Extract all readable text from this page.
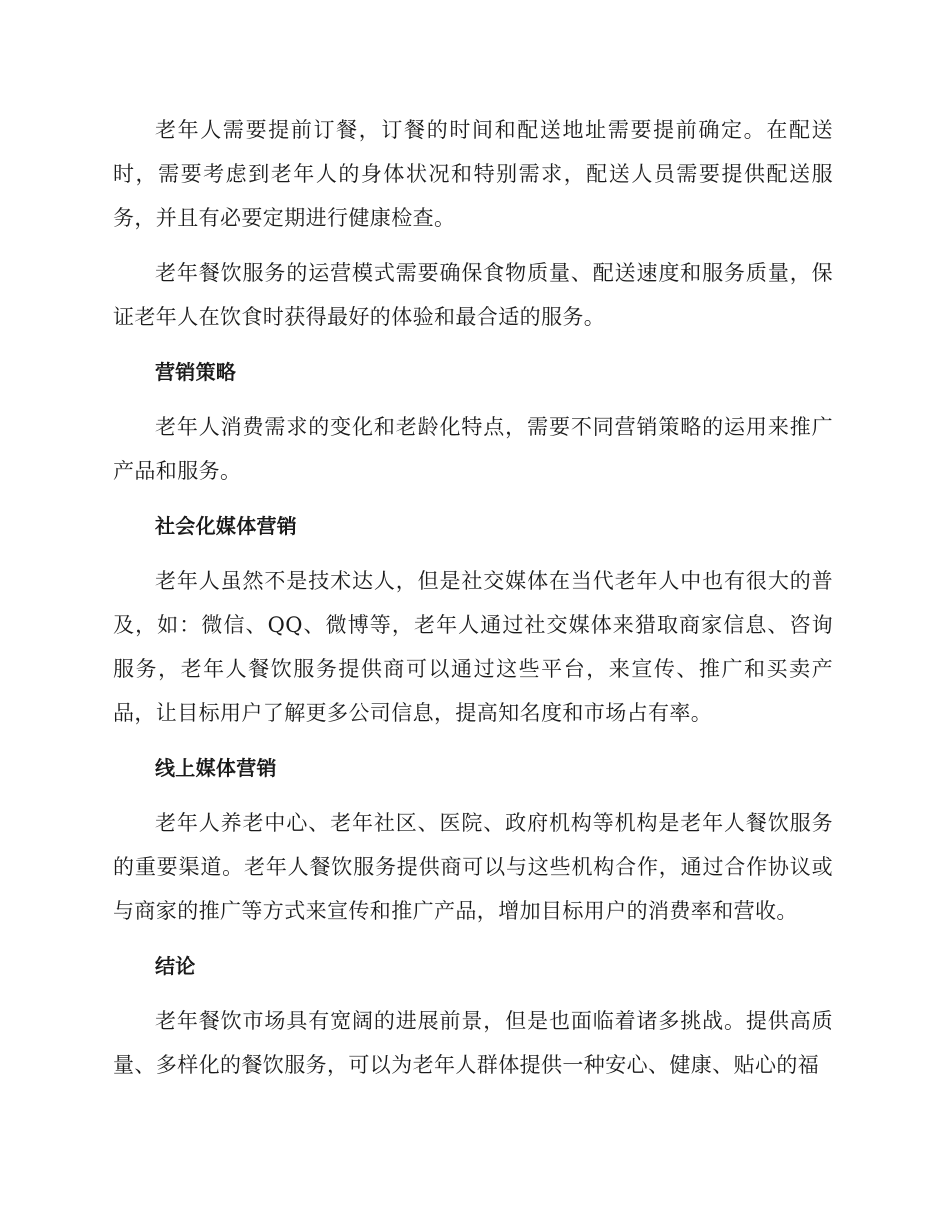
老年人需要提前订餐，订餐的时间和配送地址需要提前确定。在配送时，需要考虑到老年人的身体状况和特别需求，配送人员需要提供配送服务，并且有必要定期进行健康检查。

老年餐饮服务的运营模式需要确保食物质量、配送速度和服务质量，保证老年人在饮食时获得最好的体验和最合适的服务。

营销策略

老年人消费需求的变化和老龄化特点，需要不同营销策略的运用来推广产品和服务。

社会化媒体营销

老年人虽然不是技术达人，但是社交媒体在当代老年人中也有很大的普及，如：微信、QQ、微博等，老年人通过社交媒体来猎取商家信息、咨询服务，老年人餐饮服务提供商可以通过这些平台，来宣传、推广和买卖产品，让目标用户了解更多公司信息，提高知名度和市场占有率。

线上媒体营销

老年人养老中心、老年社区、医院、政府机构等机构是老年人餐饮服务的重要渠道。老年人餐饮服务提供商可以与这些机构合作，通过合作协议或与商家的推广等方式来宣传和推广产品，增加目标用户的消费率和营收。

结论

老年餐饮市场具有宽阔的进展前景，但是也面临着诸多挑战。提供高质量、多样化的餐饮服务，可以为老年人群体提供一种安心、健康、贴心的福
